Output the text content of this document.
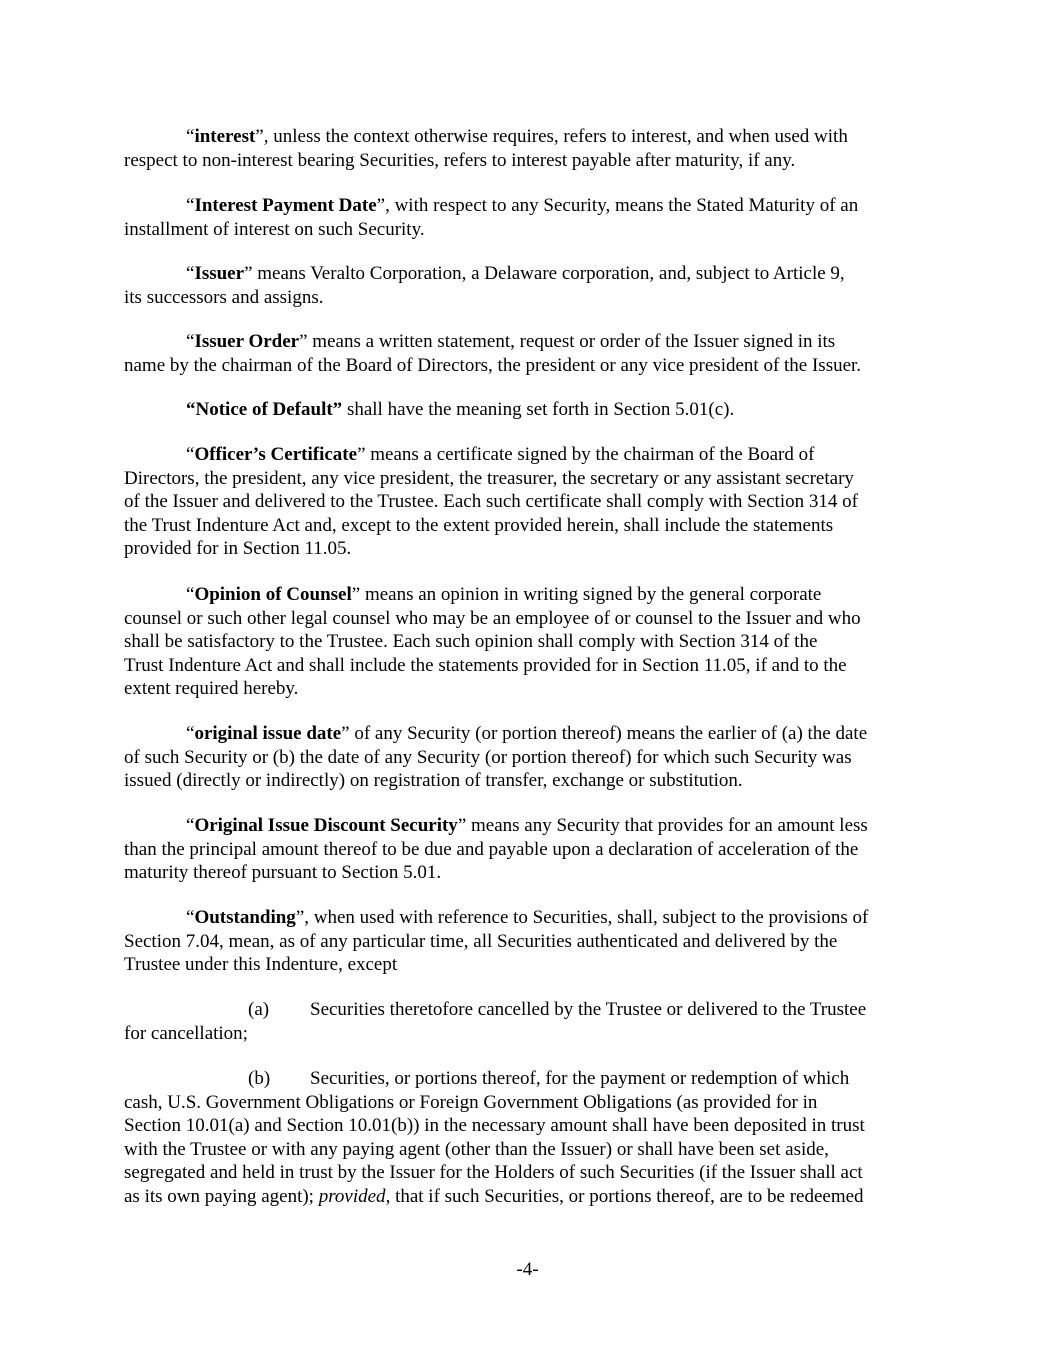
“interest”, unless the context otherwise requires, refers to interest, and when used with
respect to non-interest bearing Securities, refers to interest payable after maturity, if any.

“Interest Payment Date”, with respect to any Security, means the Stated Maturity of an
installment of interest on such Security.

“Issuer” means Veralto Corporation, a Delaware corporation, and, subject to Article 9,
its successors and assigns.

“Issuer Order” means a written statement, request or order of the Issuer signed in its
name by the chairman of the Board of Directors, the president or any vice president of the Issuer.

“Notice of Default” shall have the meaning set forth in Section 5.01(c).

“Officer’s Certificate” means a certificate signed by the chairman of the Board of
Directors, the president, any vice president, the treasurer, the secretary or any assistant secretary
of the Issuer and delivered to the Trustee. Each such certificate shall comply with Section 314 of
the Trust Indenture Act and, except to the extent provided herein, shall include the statements
provided for in Section 11.05.

“Opinion of Counsel” means an opinion in writing signed by the general corporate
counsel or such other legal counsel who may be an employee of or counsel to the Issuer and who
shall be satisfactory to the Trustee. Each such opinion shall comply with Section 314 of the
Trust Indenture Act and shall include the statements provided for in Section 11.05, if and to the
extent required hereby.

“original issue date” of any Security (or portion thereof) means the earlier of (a) the date
of such Security or (b) the date of any Security (or portion thereof) for which such Security was
issued (directly or indirectly) on registration of transfer, exchange or substitution.

“Original Issue Discount Security” means any Security that provides for an amount less
than the principal amount thereof to be due and payable upon a declaration of acceleration of the
maturity thereof pursuant to Section 5.01.

“Outstanding”, when used with reference to Securities, shall, subject to the provisions of
Section 7.04, mean, as of any particular time, all Securities authenticated and delivered by the
Trustee under this Indenture, except

(a) Securities theretofore cancelled by the Trustee or delivered to the Trustee
for cancellation;

(b) Securities, or portions thereof, for the payment or redemption of which
cash, U.S. Government Obligations or Foreign Government Obligations (as provided for in
Section 10.01(a) and Section 10.01(b)) in the necessary amount shall have been deposited in trust
with the Trustee or with any paying agent (other than the Issuer) or shall have been set aside,
segregated and held in trust by the Issuer for the Holders of such Securities (if the Issuer shall act
as its own paying agent); provided, that if such Securities, or portions thereof, are to be redeemed

-4-
